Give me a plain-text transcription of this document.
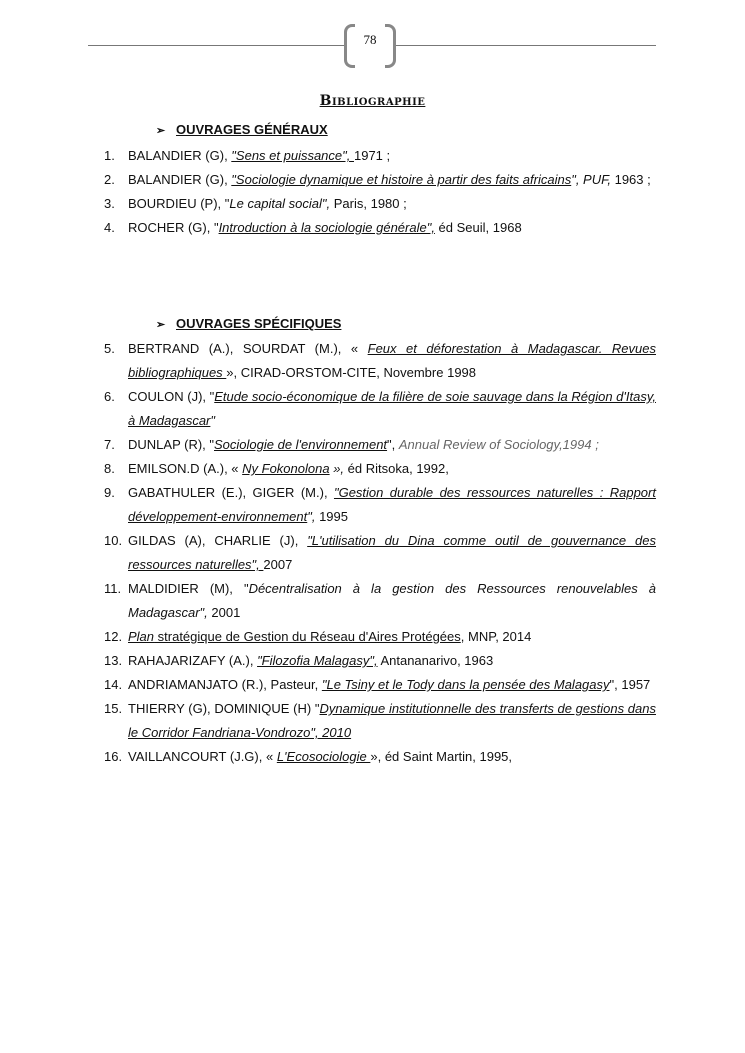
78
Bibliographie
➢ OUVRAGES GÉNÉRAUX
1. BALANDIER (G), "Sens et puissance", 1971 ;
2. BALANDIER (G), "Sociologie dynamique et histoire à partir des faits africains", PUF, 1963 ;
3. BOURDIEU (P), "Le capital social", Paris, 1980 ;
4. ROCHER (G), "Introduction à la sociologie générale", éd Seuil, 1968
➢ OUVRAGES SPÉCIFIQUES
5. BERTRAND (A.), SOURDAT (M.), « Feux et déforestation à Madagascar. Revues bibliographiques », CIRAD-ORSTOM-CITE, Novembre 1998
6. COULON (J), "Etude socio-économique de la filière de soie sauvage dans la Région d'Itasy, à Madagascar"
7. DUNLAP (R), "Sociologie de l'environnement", Annual Review of Sociology,1994 ;
8. EMILSON.D (A.), « Ny Fokonolona », éd Ritsoka, 1992,
9. GABATHULER (E.), GIGER (M.), "Gestion durable des ressources naturelles : Rapport développement-environnement", 1995
10. GILDAS (A), CHARLIE (J), "L'utilisation du Dina comme outil de gouvernance des ressources naturelles", 2007
11. MALDIDIER (M), "Décentralisation à la gestion des Ressources renouvelables à Madagascar", 2001
12. Plan stratégique de Gestion du Réseau d'Aires Protégées, MNP, 2014
13. RAHAJARIZAFY (A.), "Filozofia Malagasy", Antananarivo, 1963
14. ANDRIAMANJATO (R.), Pasteur, "Le Tsiny et le Tody dans la pensée des Malagasy", 1957
15. THIERRY (G), DOMINIQUE (H) "Dynamique institutionnelle des transferts de gestions dans le Corridor Fandriana-Vondrozo", 2010
16. VAILLANCOURT (J.G), « L'Ecosociologie », éd Saint Martin, 1995,
